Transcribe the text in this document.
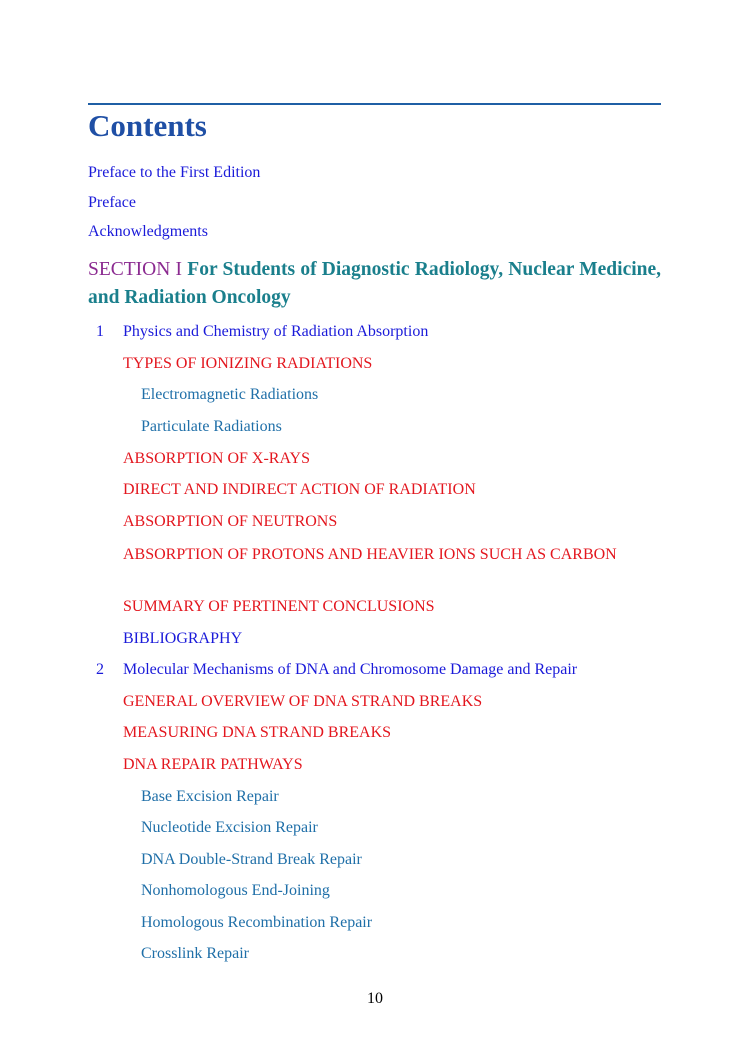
Contents
Preface to the First Edition
Preface
Acknowledgments
SECTION I For Students of Diagnostic Radiology, Nuclear Medicine, and Radiation Oncology
1 Physics and Chemistry of Radiation Absorption
TYPES OF IONIZING RADIATIONS
Electromagnetic Radiations
Particulate Radiations
ABSORPTION OF X-RAYS
DIRECT AND INDIRECT ACTION OF RADIATION
ABSORPTION OF NEUTRONS
ABSORPTION OF PROTONS AND HEAVIER IONS SUCH AS CARBON
SUMMARY OF PERTINENT CONCLUSIONS
BIBLIOGRAPHY
2 Molecular Mechanisms of DNA and Chromosome Damage and Repair
GENERAL OVERVIEW OF DNA STRAND BREAKS
MEASURING DNA STRAND BREAKS
DNA REPAIR PATHWAYS
Base Excision Repair
Nucleotide Excision Repair
DNA Double-Strand Break Repair
Nonhomologous End-Joining
Homologous Recombination Repair
Crosslink Repair
10
